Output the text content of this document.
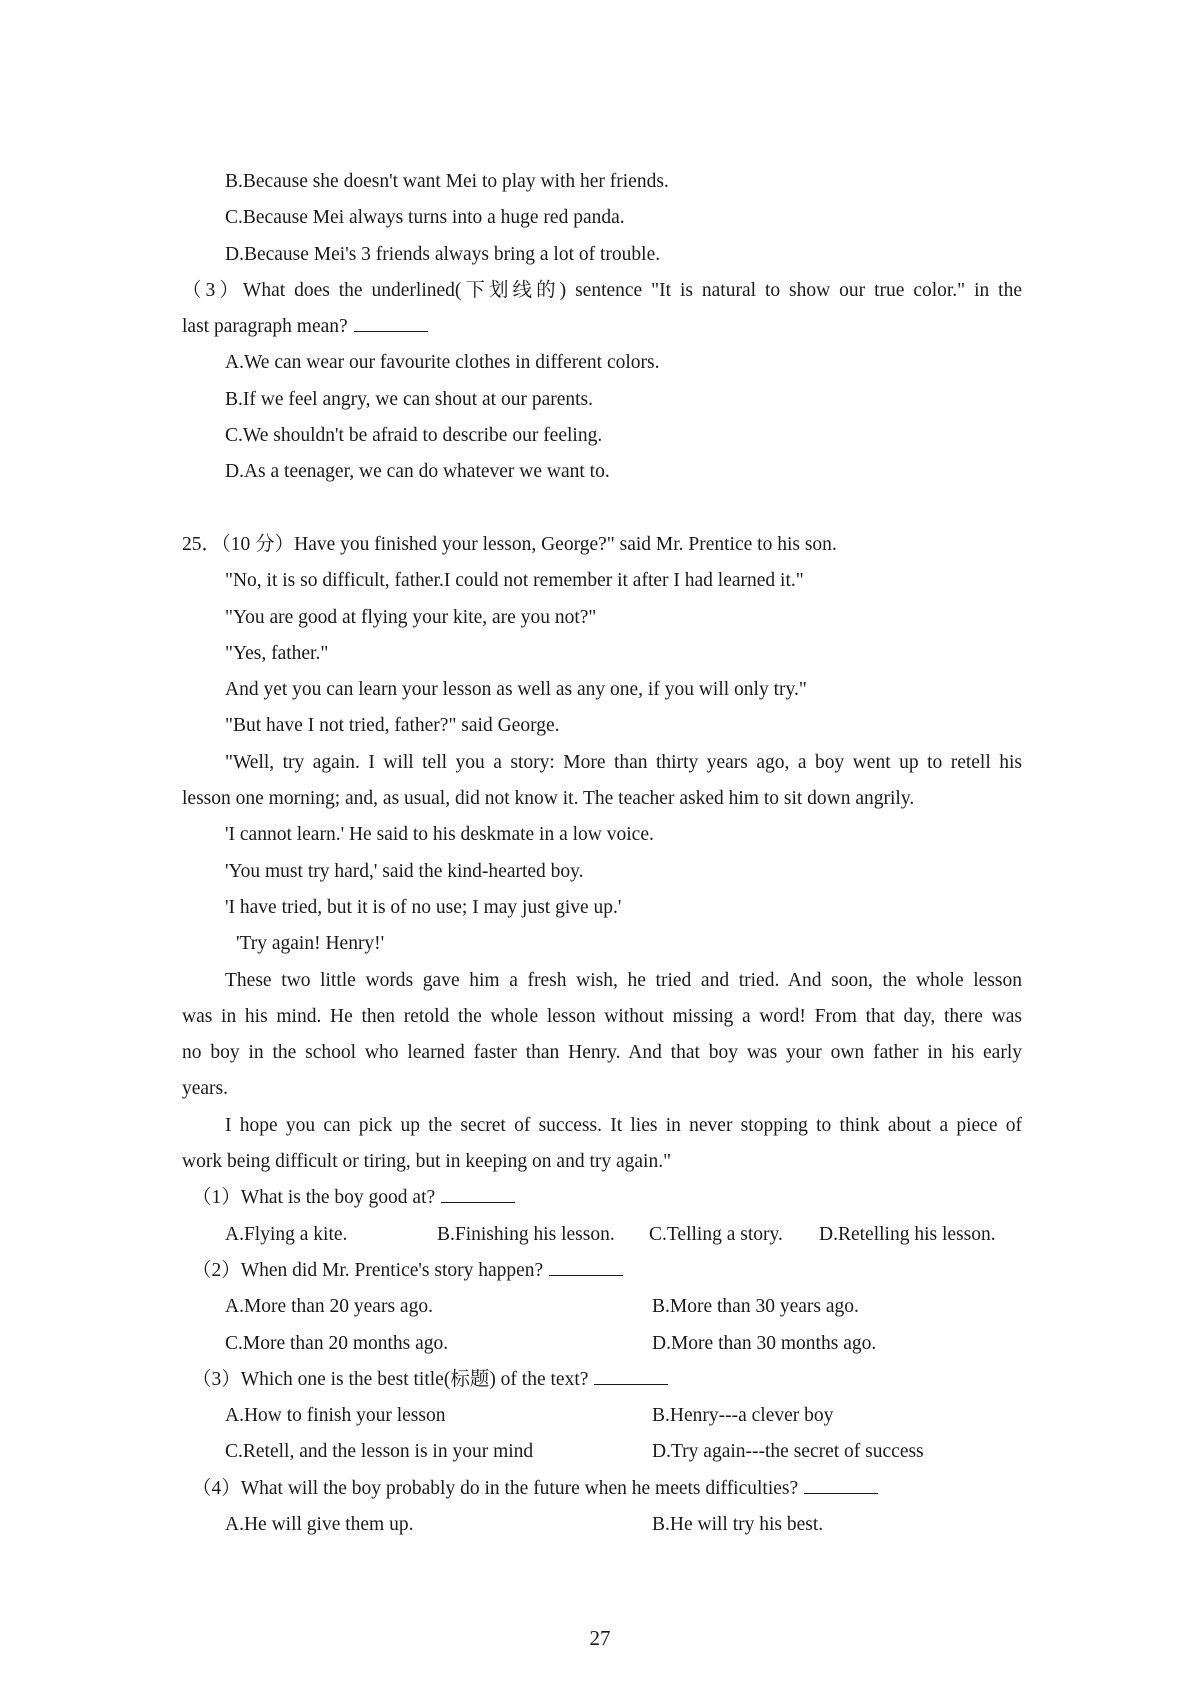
B.Because she doesn't want Mei to play with her friends.
C.Because Mei always turns into a huge red panda.
D.Because Mei's 3 friends always bring a lot of trouble.
（3）What does the underlined(下划线的) sentence "It is natural to show our true color." in the
last paragraph mean?
A.We can wear our favourite clothes in different colors.
B.If we feel angry, we can shout at our parents.
C.We shouldn't be afraid to describe our feeling.
D.As a teenager, we can do whatever we want to.
25．（10 分）Have you finished your lesson, George?" said Mr. Prentice to his son.
"No, it is so difficult, father.I could not remember it after I had learned it."
"You are good at flying your kite, are you not?"
"Yes, father."
And yet you can learn your lesson as well as any one, if you will only try."
"But have I not tried, father?" said George.
"Well, try again. I will tell you a story: More than thirty years ago, a boy went up to retell his
lesson one morning; and, as usual, did not know it. The teacher asked him to sit down angrily.
'I cannot learn.' He said to his deskmate in a low voice.
'You must try hard,' said the kind-hearted boy.
'I have tried, but it is of no use; I may just give up.'
'Try again! Henry!'
These two little words gave him a fresh wish, he tried and tried. And soon, the whole lesson
was in his mind. He then retold the whole lesson without missing a word! From that day, there was
no boy in the school who learned faster than Henry. And that boy was your own father in his early
years.
I hope you can pick up the secret of success. It lies in never stopping to think about a piece of
work being difficult or tiring, but in keeping on and try again."
（1）What is the boy good at?
A.Flying a kite.	B.Finishing his lesson.	C.Telling a story.	D.Retelling his lesson.
（2）When did Mr. Prentice's story happen?
A.More than 20 years ago.	B.More than 30 years ago.
C.More than 20 months ago.	D.More than 30 months ago.
（3）Which one is the best title(标题) of the text?
A.How to finish your lesson	B.Henry---a clever boy
C.Retell, and the lesson is in your mind	D.Try again---the secret of success
（4）What will the boy probably do in the future when he meets difficulties?
A.He will give them up.	B.He will try his best.
27
